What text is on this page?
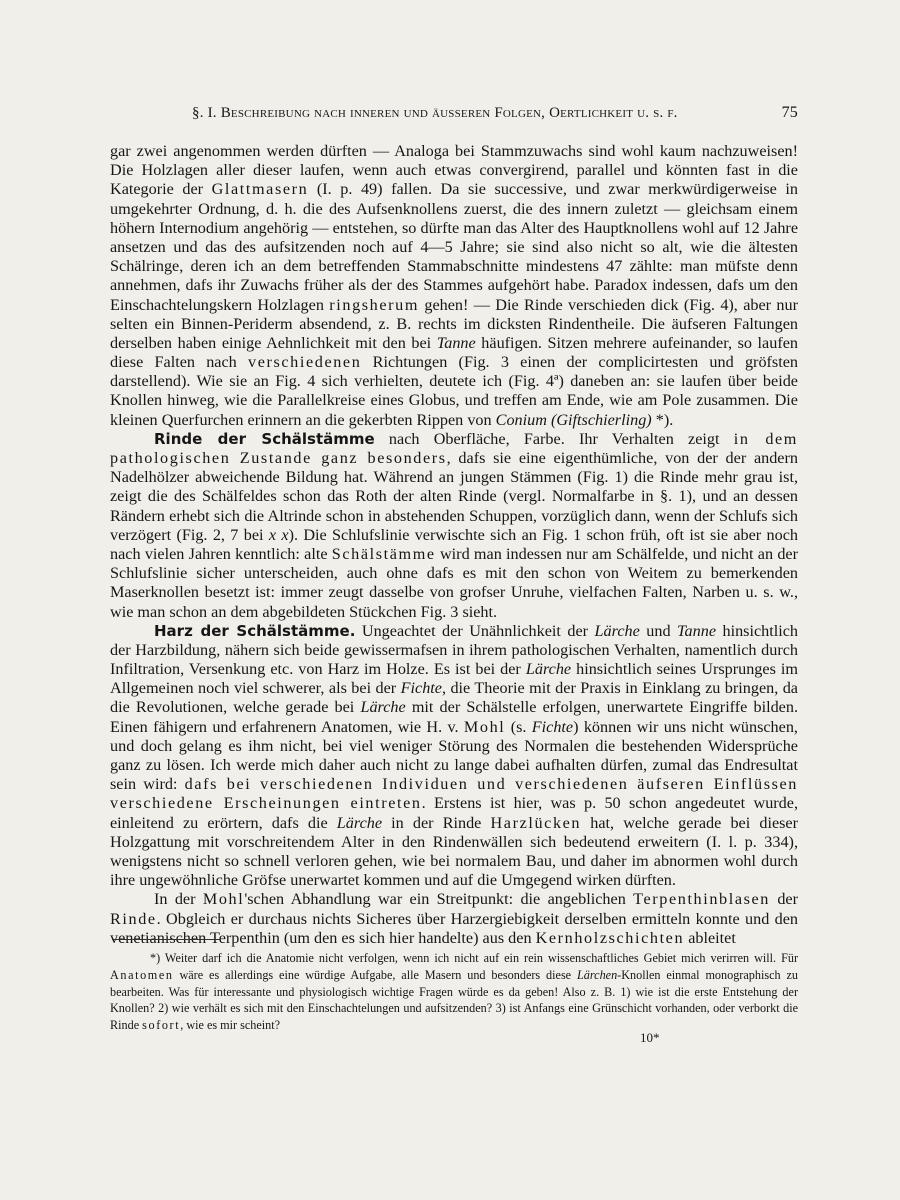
§. I. Beschreibung nach inneren und äusseren Folgen, Oertlichkeit u. s. f.	75

gar zwei angenommen werden dürften — Analoga bei Stammzuwachs sind wohl kaum nachzuweisen! Die Holzlagen aller dieser laufen, wenn auch etwas convergirend, parallel und könnten fast in die Kategorie der Glattmasern (I. p. 49) fallen. Da sie successive, und zwar merkwürdigerweise in umgekehrter Ordnung, d. h. die des Aufsenknollens zuerst, die des innern zuletzt — gleichsam einem höhern Internodium angehörig — entstehen, so dürfte man das Alter des Hauptknollens wohl auf 12 Jahre ansetzen und das des aufsitzenden noch auf 4—5 Jahre; sie sind also nicht so alt, wie die ältesten Schälringe, deren ich an dem betreffenden Stammabschnitte mindestens 47 zählte: man müfste denn annehmen, dafs ihr Zuwachs früher als der des Stammes aufgehört habe. Paradox indessen, dafs um den Einschachtelungskern Holzlagen ringsherum gehen! — Die Rinde verschieden dick (Fig. 4), aber nur selten ein Binnen-Periderm absendend, z. B. rechts im dicksten Rindentheile. Die äufseren Faltungen derselben haben einige Aehnlichkeit mit den bei Tanne häufigen. Sitzen mehrere aufeinander, so laufen diese Falten nach verschiedenen Richtungen (Fig. 3 einen der complicirtesten und gröfsten darstellend). Wie sie an Fig. 4 sich verhielten, deutete ich (Fig. 4ª) daneben an: sie laufen über beide Knollen hinweg, wie die Parallelkreise eines Globus, und treffen am Ende, wie am Pole zusammen. Die kleinen Querfurchen erinnern an die gekerbten Rippen von Conium (Giftschierling) *).

Rinde der Schälstämme nach Oberfläche, Farbe. Ihr Verhalten zeigt in dem pathologischen Zustande ganz besonders, dafs sie eine eigenthümliche, von der der andern Nadelhölzer abweichende Bildung hat. Während an jungen Stämmen (Fig. 1) die Rinde mehr grau ist, zeigt die des Schälfeldes schon das Roth der alten Rinde (vergl. Normalfarbe in §. 1), und an dessen Rändern erhebt sich die Altrinde schon in abstehenden Schuppen, vorzüglich dann, wenn der Schlufs sich verzögert (Fig. 2, 7 bei x x). Die Schlufslinie verwischte sich an Fig. 1 schon früh, oft ist sie aber noch nach vielen Jahren kenntlich: alte Schälstämme wird man indessen nur am Schälfelde, und nicht an der Schlufslinie sicher unterscheiden, auch ohne dafs es mit den schon von Weitem zu bemerkenden Maserknollen besetzt ist: immer zeugt dasselbe von grofser Unruhe, vielfachen Falten, Narben u. s. w., wie man schon an dem abgebildeten Stückchen Fig. 3 sieht.

Harz der Schälstämme. Ungeachtet der Unähnlichkeit der Lärche und Tanne hinsichtlich der Harzbildung, nähern sich beide gewissermafsen in ihrem pathologischen Verhalten, namentlich durch Infiltration, Versenkung etc. von Harz im Holze. Es ist bei der Lärche hinsichtlich seines Ursprunges im Allgemeinen noch viel schwerer, als bei der Fichte, die Theorie mit der Praxis in Einklang zu bringen, da die Revolutionen, welche gerade bei Lärche mit der Schälstelle erfolgen, unerwartete Eingriffe bilden. Einen fähigern und erfahrenern Anatomen, wie H. v. Mohl (s. Fichte) können wir uns nicht wünschen, und doch gelang es ihm nicht, bei viel weniger Störung des Normalen die bestehenden Widersprüche ganz zu lösen. Ich werde mich daher auch nicht zu lange dabei aufhalten dürfen, zumal das Endresultat sein wird: dafs bei verschiedenen Individuen und verschiedenen äufseren Einflüssen verschiedene Erscheinungen eintreten. Erstens ist hier, was p. 50 schon angedeutet wurde, einleitend zu erörtern, dafs die Lärche in der Rinde Harzlücken hat, welche gerade bei dieser Holzgattung mit vorschreitendem Alter in den Rindenwällen sich bedeutend erweitern (I. l. p. 334), wenigstens nicht so schnell verloren gehen, wie bei normalem Bau, und daher im abnormen wohl durch ihre ungewöhnliche Gröfse unerwartet kommen und auf die Umgegend wirken dürften.

In der Mohl'schen Abhandlung war ein Streitpunkt: die angeblichen Terpenthinblasen der Rinde. Obgleich er durchaus nichts Sicheres über Harzergiebigkeit derselben ermitteln konnte und den venetianischen Terpenthin (um den es sich hier handelte) aus den Kernholzschichten ableitet

*) Weiter darf ich die Anatomie nicht verfolgen, wenn ich nicht auf ein rein wissenschaftliches Gebiet mich verirren will. Für Anatomen wäre es allerdings eine würdige Aufgabe, alle Masern und besonders diese Lärchen-Knollen einmal monographisch zu bearbeiten. Was für interessante und physiologisch wichtige Fragen würde es da geben! Also z. B. 1) wie ist die erste Entstehung der Knollen? 2) wie verhält es sich mit den Einschachtelungen und aufsitzenden? 3) ist Anfangs eine Grünschicht vorhanden, oder verborkt die Rinde sofort, wie es mir scheint?

10*
